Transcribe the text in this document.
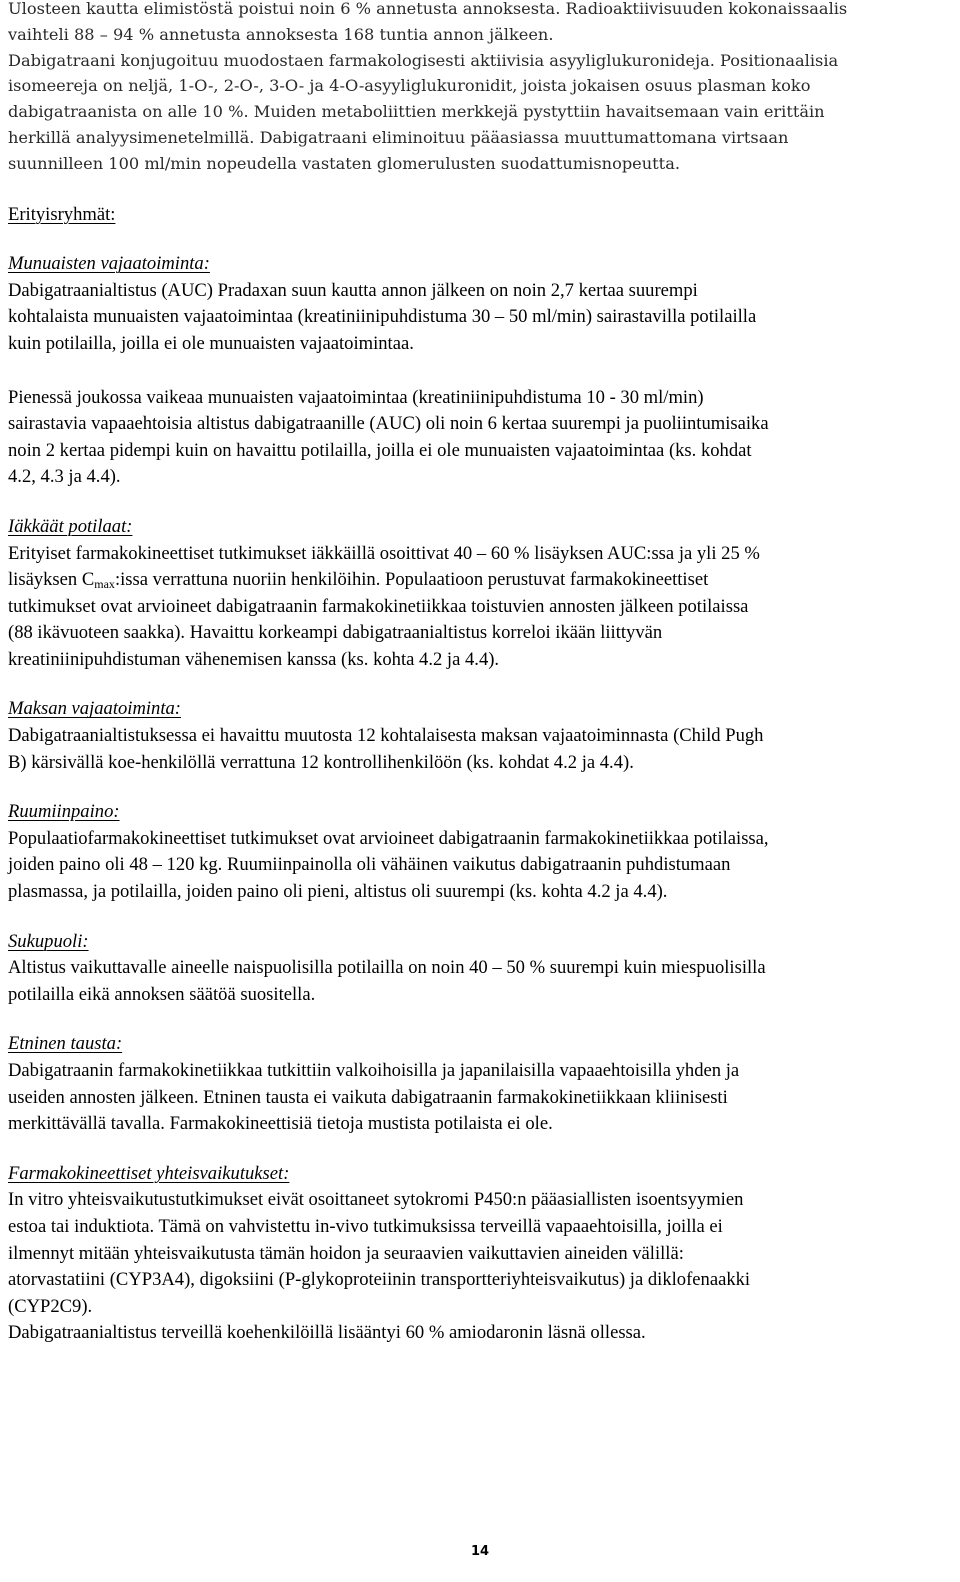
Ulosteen kautta elimistöstä poistui noin 6 % annetusta annoksesta. Radioaktiivisuuden kokonaissaalis
vaihteli 88 – 94 % annetusta annoksesta 168 tuntia annon jälkeen.
Dabigatraani konjugoituu muodostaen farmakologisesti aktiivisia asyyliglukuronideja. Positionaalisia
isomeereja on neljä, 1-O-, 2-O-, 3-O- ja 4-O-asyyliglukuronidit, joista jokaisen osuus plasman koko
dabigatraanista on alle 10 %. Muiden metaboliittien merkkejä pystyttiin havaitsemaan vain erittäin
herkillä analyysimenetelmillä. Dabigatraani eliminoituu pääasiassa muuttumattomana virtsaan
suunnilleen 100 ml/min nopeudella vastaten glomerulusten suodattumisnopeutta.
Erityisryhmät:
Munuaisten vajaatoiminta:
Dabigatraanialtistus (AUC) Pradaxan suun kautta annon jälkeen on noin 2,7 kertaa suurempi
kohtalaista munuaisten vajaatoimintaa (kreatiniinipuhdistuma 30 – 50 ml/min) sairastavilla potilailla
kuin potilailla, joilla ei ole munuaisten vajaatoimintaa.
Pienessä joukossa vaikeaa munuaisten vajaatoimintaa (kreatiniinipuhdistuma 10 - 30 ml/min)
sairastavia vapaaehtoisia altistus dabigatraanille (AUC) oli noin 6 kertaa suurempi ja puoliintumisaika
noin 2 kertaa pidempi kuin on havaittu potilailla, joilla ei ole munuaisten vajaatoimintaa (ks. kohdat
4.2, 4.3 ja 4.4).
Iäkkäät potilaat:
Erityiset farmakokineettiset tutkimukset iäkkäillä osoittivat 40 – 60 % lisäyksen AUC:ssa ja yli 25 %
lisäyksen $C_{max}:issa$ verrattuna nuoriin henkilöihin. Populaatioon perustuvat farmakokineettiset
tutkimukset ovat arvioineet dabigatraanin farmakokinetiikkaa toistuvien annosten jälkeen potilaissa
(88 ikävuoteen saakka). Havaittu korkeampi dabigatraanialtistus korreloi ikään liittyvän
kreatiniinipuhdistuman vähenemisen kanssa (ks. kohta 4.2 ja 4.4).
Maksan vajaatoiminta:
Dabigatraanialtistuksessa ei havaittu muutosta 12 kohtalaisesta maksan vajaatoiminnasta (Child Pugh
B) kärsivällä koe-henkilöllä verrattuna 12 kontrollihenkilöön (ks. kohdat 4.2 ja 4.4).
Ruumiinpaino:
Populaatiofarmakokineettiset tutkimukset ovat arvioineet dabigatraanin farmakokinetiikkaa potilaissa,
joiden paino oli 48 – 120 kg. Ruumiinpainolla oli vähäinen vaikutus dabigatraanin puhdistumaan
plasmassa, ja potilailla, joiden paino oli pieni, altistus oli suurempi (ks. kohta 4.2 ja 4.4).
Sukupuoli:
Altistus vaikuttavalle aineelle naispuolisilla potilailla on noin 40 – 50 % suurempi kuin miespuolisilla
potilailla eikä annoksen säätöä suositella.
Etninen tausta:
Dabigatraanin farmakokinetiikkaa tutkittiin valkoihoisilla ja japanilaisilla vapaaehtoisilla yhden ja
useiden annosten jälkeen. Etninen tausta ei vaikuta dabigatraanin farmakokinetiikkaan kliinisesti
merkittävällä tavalla. Farmakokineettisiä tietoja mustista potilaista ei ole.
Farmakokineettiset yhteisvaikutukset:
In vitro yhteisvaikutustutkimukset eivät osoittaneet sytokromi P450:n pääasiallisten isoentsyymien
estoa tai induktiota. Tämä on vahvistettu in-vivo tutkimuksissa terveillä vapaaehtoisilla, joilla ei
ilmennyt mitään yhteisvaikutusta tämän hoidon ja seuraavien vaikuttavien aineiden välillä:
atorvastatiini (CYP3A4), digoksiini (P-glykoproteiinin transportteriyhteisvaikutus) ja diklofenaakki
(CYP2C9).
Dabigatraanialtistus terveillä koehenkilöillä lisääntyi 60 % amiodaronin läsnä ollessa.
14
